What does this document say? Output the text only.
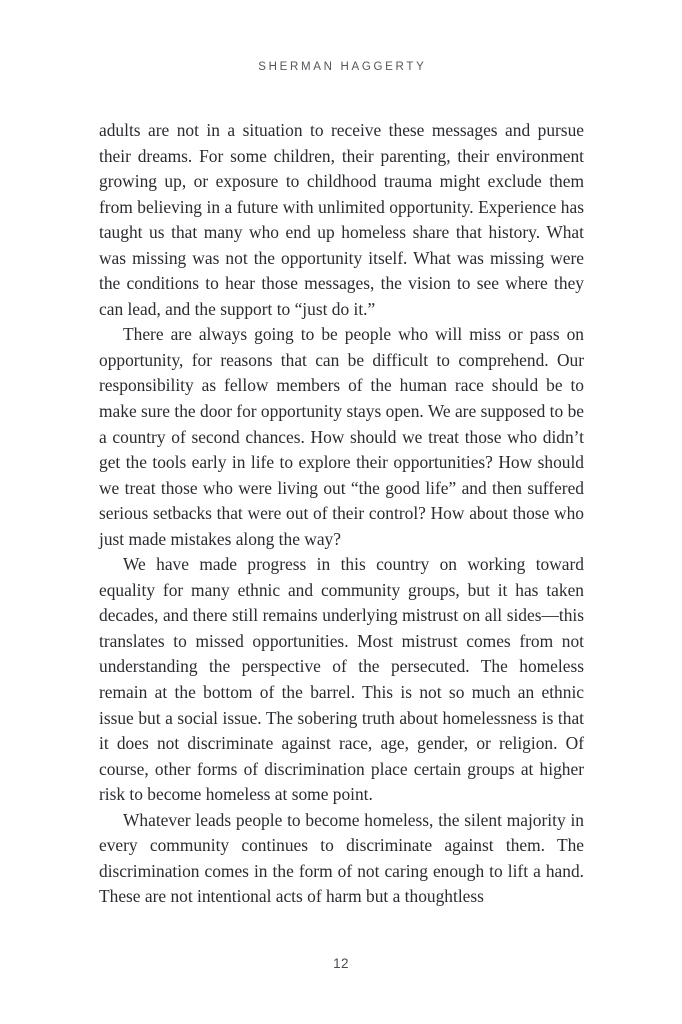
SHERMAN HAGGERTY

adults are not in a situation to receive these messages and pursue their dreams. For some children, their parenting, their environment growing up, or exposure to childhood trauma might exclude them from believing in a future with unlimited opportunity. Experience has taught us that many who end up homeless share that history. What was missing was not the opportunity itself. What was missing were the conditions to hear those messages, the vision to see where they can lead, and the support to “just do it.”

There are always going to be people who will miss or pass on opportunity, for reasons that can be difficult to comprehend. Our responsibility as fellow members of the human race should be to make sure the door for opportunity stays open. We are supposed to be a country of second chances. How should we treat those who didn’t get the tools early in life to explore their opportunities? How should we treat those who were living out “the good life” and then suffered serious setbacks that were out of their control? How about those who just made mistakes along the way?

We have made progress in this country on working toward equality for many ethnic and community groups, but it has taken decades, and there still remains underlying mistrust on all sides—this translates to missed opportunities. Most mistrust comes from not understanding the perspective of the persecuted. The homeless remain at the bottom of the barrel. This is not so much an ethnic issue but a social issue. The sobering truth about homelessness is that it does not discriminate against race, age, gender, or religion. Of course, other forms of discrimination place certain groups at higher risk to become homeless at some point.

Whatever leads people to become homeless, the silent majority in every community continues to discriminate against them. The discrimination comes in the form of not caring enough to lift a hand. These are not intentional acts of harm but a thoughtless

12
